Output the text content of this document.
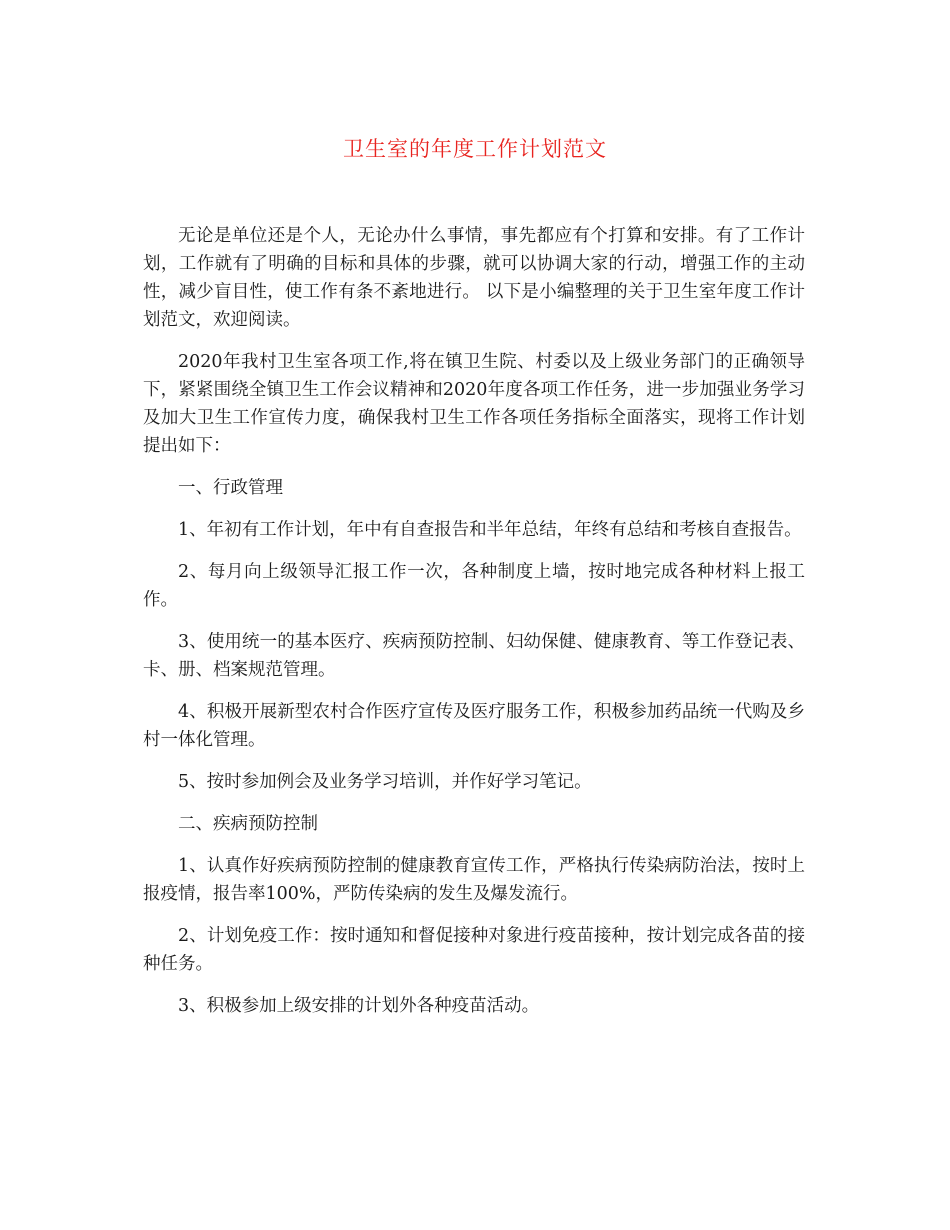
卫生室的年度工作计划范文

无论是单位还是个人，无论办什么事情，事先都应有个打算和安排。有了工作计划，工作就有了明确的目标和具体的步骤，就可以协调大家的行动，增强工作的主动性，减少盲目性，使工作有条不紊地进行。 以下是小编整理的关于卫生室年度工作计划范文，欢迎阅读。

2020年我村卫生室各项工作,将在镇卫生院、村委以及上级业务部门的正确领导下，紧紧围绕全镇卫生工作会议精神和2020年度各项工作任务，进一步加强业务学习及加大卫生工作宣传力度，确保我村卫生工作各项任务指标全面落实，现将工作计划提出如下：

一、行政管理

1、年初有工作计划，年中有自查报告和半年总结，年终有总结和考核自查报告。

2、每月向上级领导汇报工作一次，各种制度上墙，按时地完成各种材料上报工作。

3、使用统一的基本医疗、疾病预防控制、妇幼保健、健康教育、等工作登记表、卡、册、档案规范管理。

4、积极开展新型农村合作医疗宣传及医疗服务工作，积极参加药品统一代购及乡村一体化管理。

5、按时参加例会及业务学习培训，并作好学习笔记。

二、疾病预防控制

1、认真作好疾病预防控制的健康教育宣传工作，严格执行传染病防治法，按时上报疫情，报告率100%，严防传染病的发生及爆发流行。

2、计划免疫工作：按时通知和督促接种对象进行疫苗接种，按计划完成各苗的接种任务。

3、积极参加上级安排的计划外各种疫苗活动。
